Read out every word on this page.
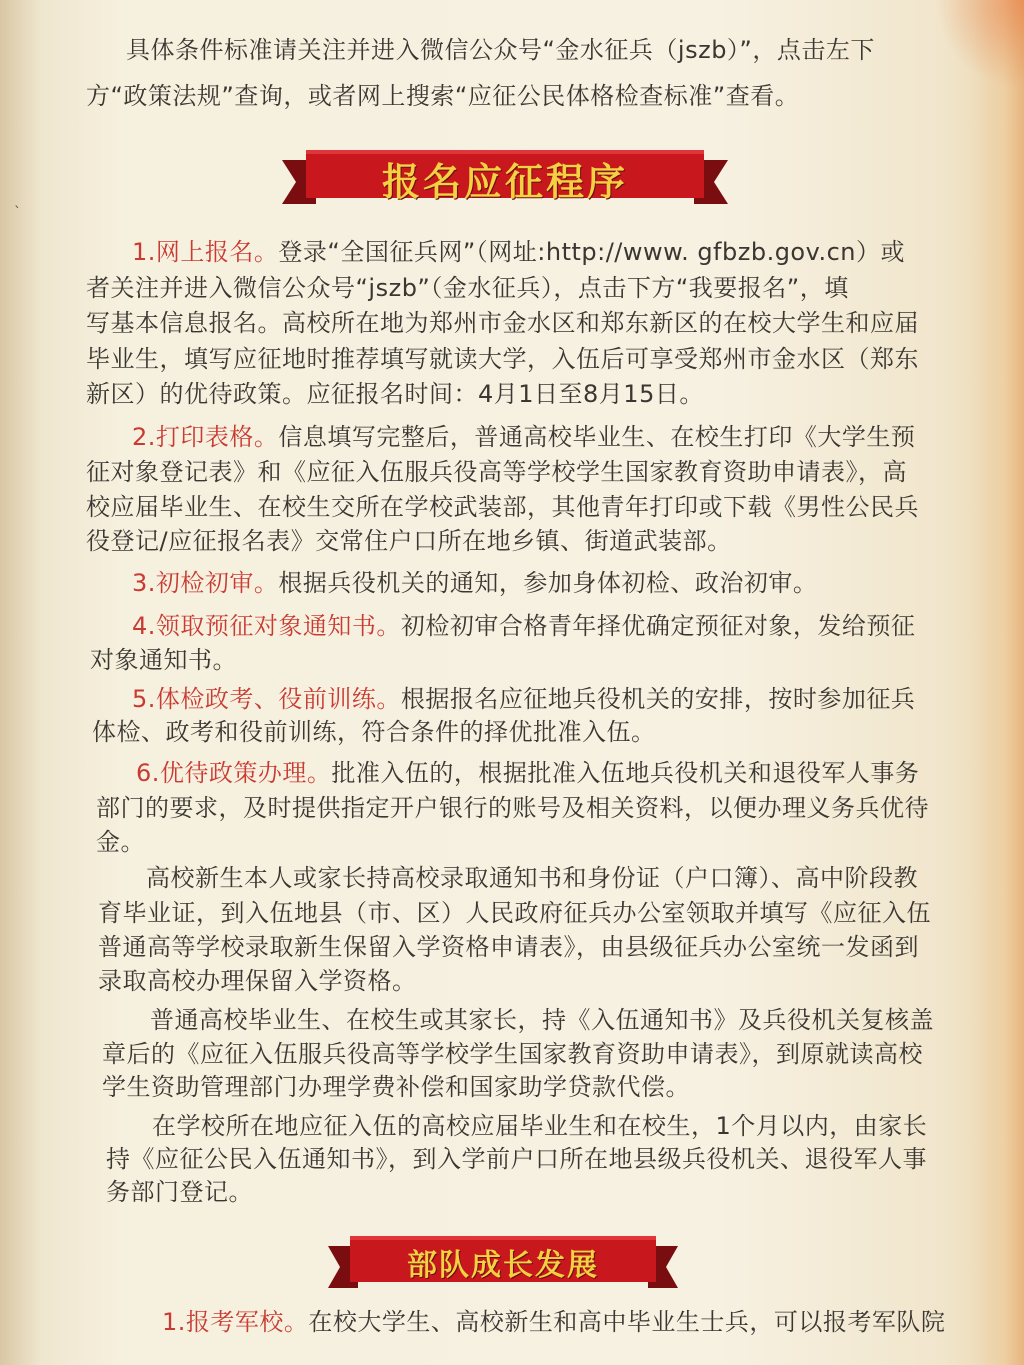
ˋ

具体条件标准请关注并进入微信公众号“金水征兵（jszb）”，点击左下

方“政策法规”查询，或者网上搜索“应征公民体格检查标准”查看。

报名应征程序

1.网上报名。登录“全国征兵网”（网址:http://www. gfbzb.gov.cn）或

者关注并进入微信公众号“jszb”（金水征兵），点击下方“我要报名”，填

写基本信息报名。高校所在地为郑州市金水区和郑东新区的在校大学生和应届

毕业生，填写应征地时推荐填写就读大学，入伍后可享受郑州市金水区（郑东

新区）的优待政策。应征报名时间：4月1日至8月15日。

2.打印表格。信息填写完整后，普通高校毕业生、在校生打印《大学生预

征对象登记表》和《应征入伍服兵役高等学校学生国家教育资助申请表》，高

校应届毕业生、在校生交所在学校武装部，其他青年打印或下载《男性公民兵

役登记/应征报名表》交常住户口所在地乡镇、街道武装部。

3.初检初审。根据兵役机关的通知，参加身体初检、政治初审。

4.领取预征对象通知书。初检初审合格青年择优确定预征对象，发给预征

对象通知书。

5.体检政考、役前训练。根据报名应征地兵役机关的安排，按时参加征兵

体检、政考和役前训练，符合条件的择优批准入伍。

6.优待政策办理。批准入伍的，根据批准入伍地兵役机关和退役军人事务

部门的要求，及时提供指定开户银行的账号及相关资料，以便办理义务兵优待

金。

高校新生本人或家长持高校录取通知书和身份证（户口簿）、高中阶段教

育毕业证，到入伍地县（市、区）人民政府征兵办公室领取并填写《应征入伍

普通高等学校录取新生保留入学资格申请表》，由县级征兵办公室统一发函到

录取高校办理保留入学资格。

普通高校毕业生、在校生或其家长，持《入伍通知书》及兵役机关复核盖

章后的《应征入伍服兵役高等学校学生国家教育资助申请表》，到原就读高校

学生资助管理部门办理学费补偿和国家助学贷款代偿。

在学校所在地应征入伍的高校应届毕业生和在校生，1个月以内，由家长

持《应征公民入伍通知书》，到入学前户口所在地县级兵役机关、退役军人事

务部门登记。

部队成长发展

1.报考军校。在校大学生、高校新生和高中毕业生士兵，可以报考军队院
